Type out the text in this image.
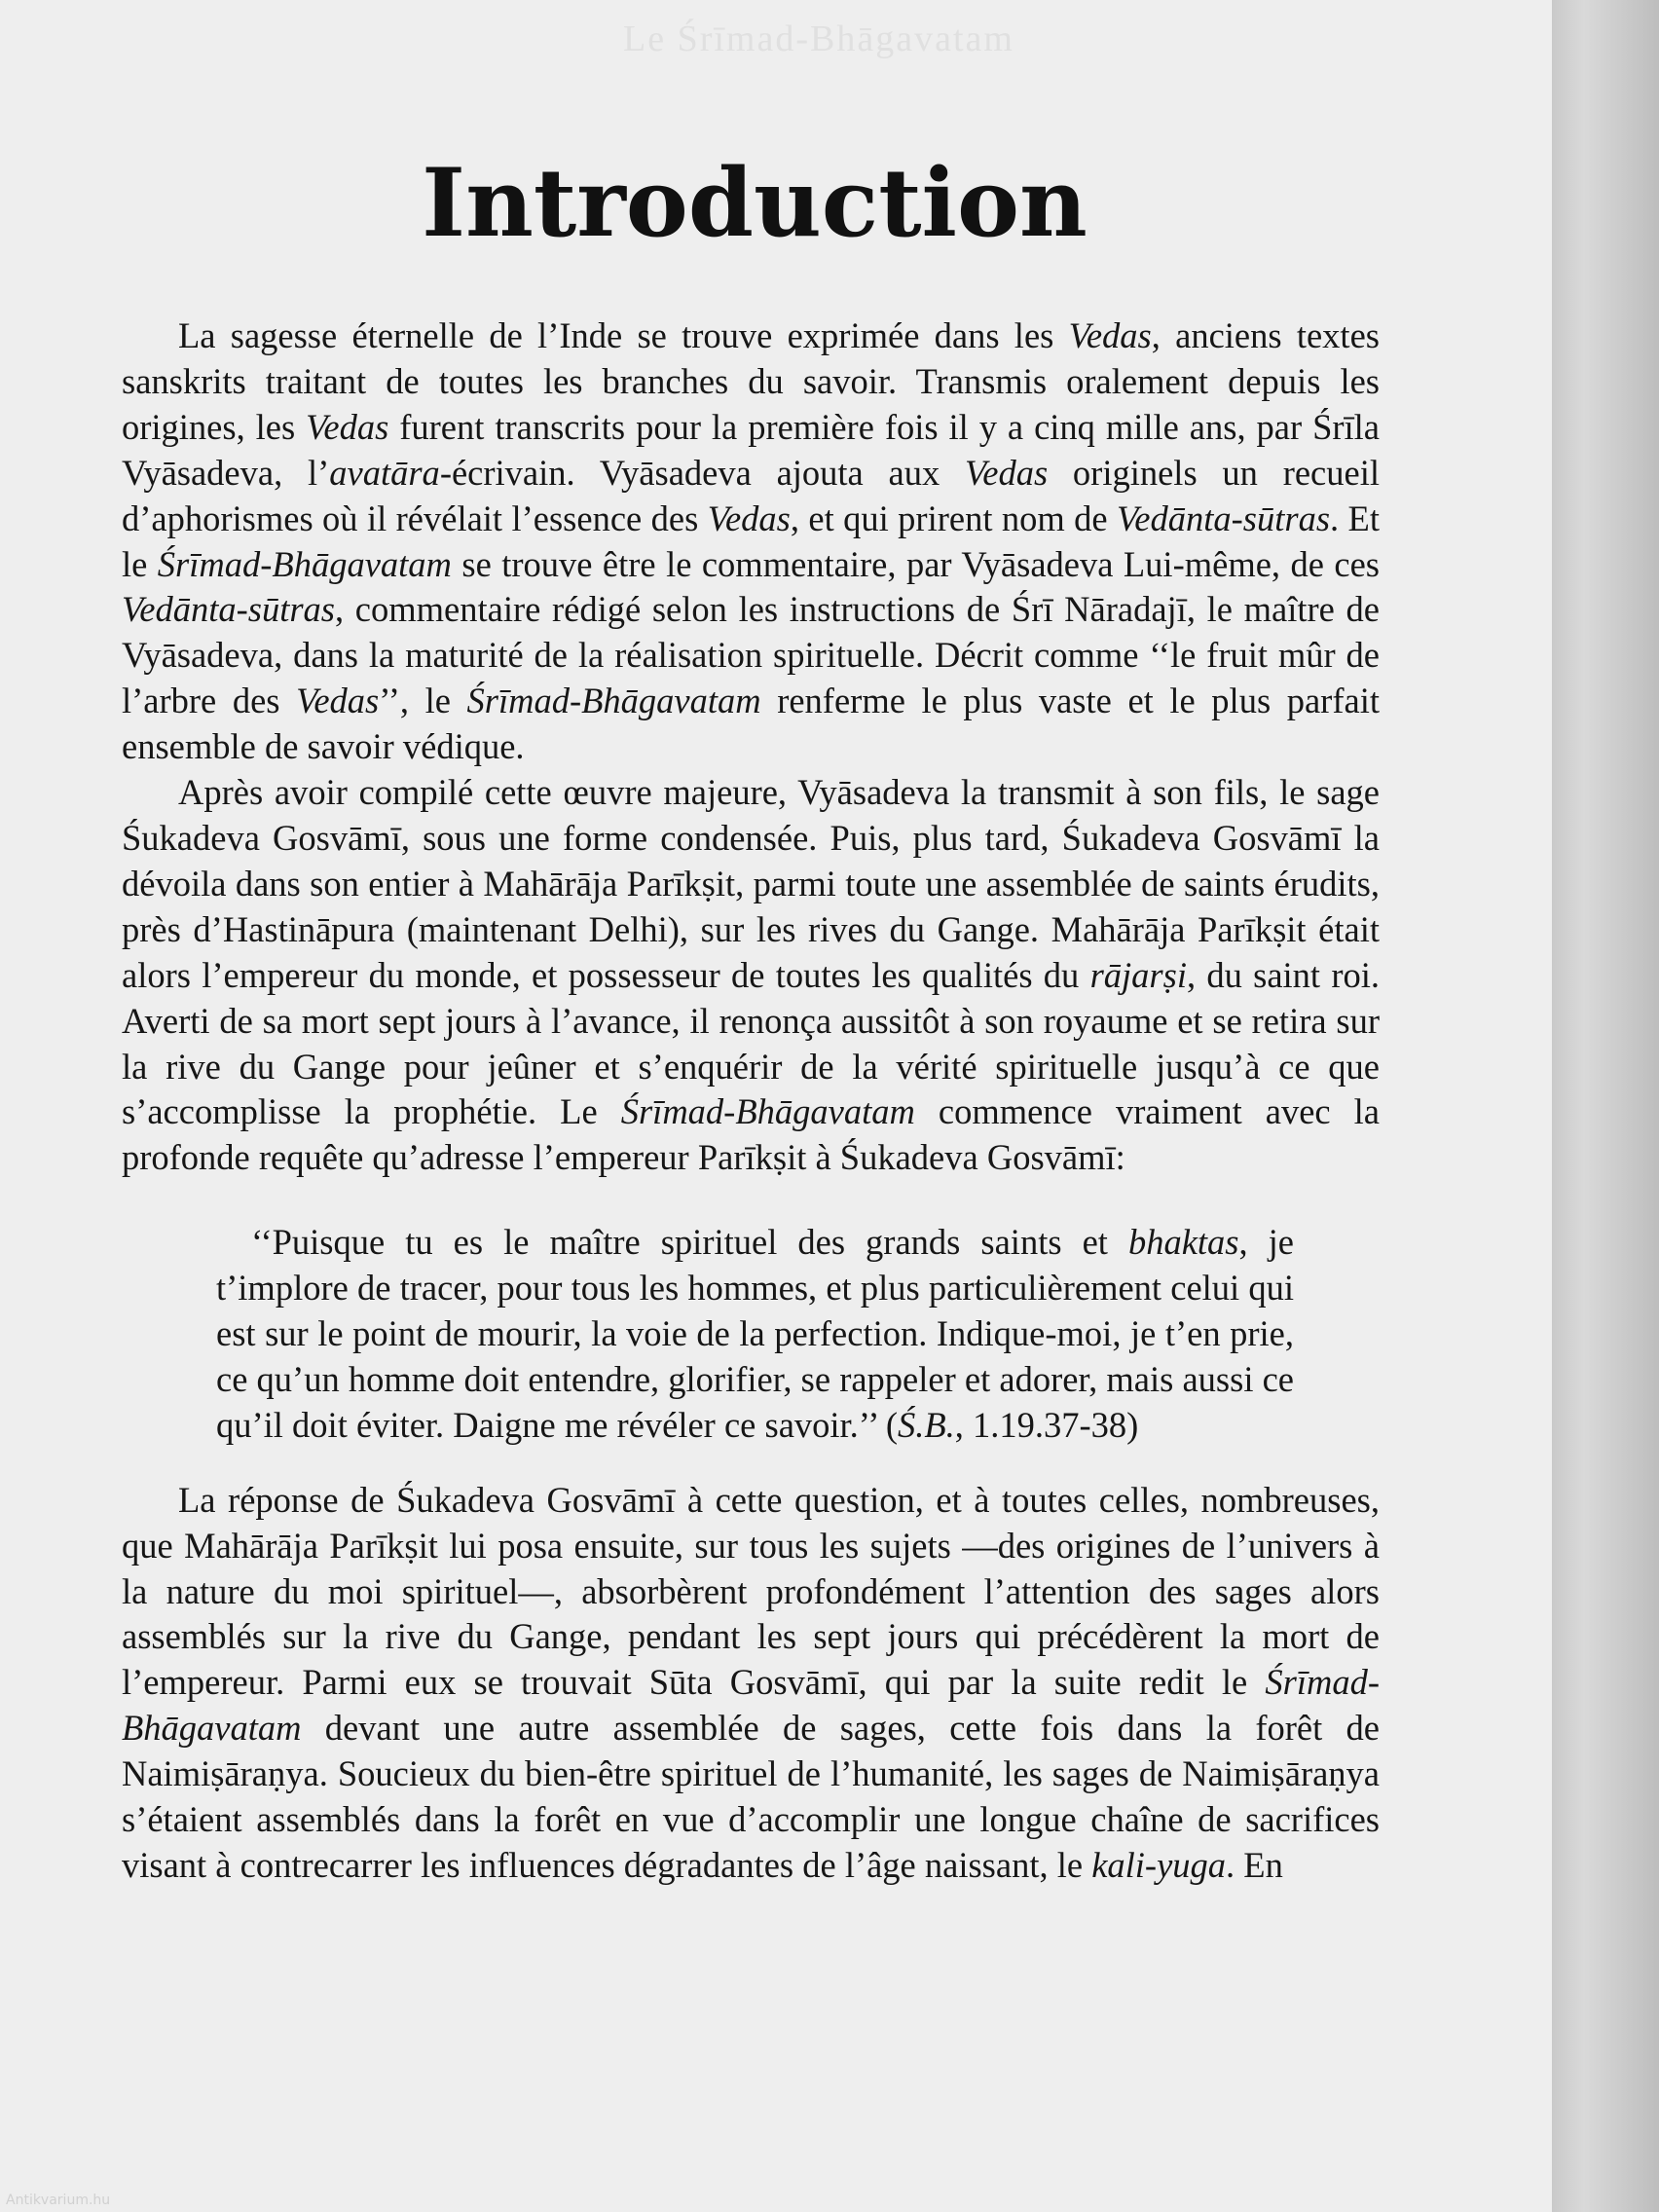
Le Śrīmad-Bhāgavatam
Introduction

La sagesse éternelle de l’Inde se trouve exprimée dans les Vedas, anciens textes sanskrits traitant de toutes les branches du savoir. Transmis oralement depuis les origines, les Vedas furent transcrits pour la première fois il y a cinq mille ans, par Śrīla Vyāsadeva, l’avatāra-écrivain. Vyāsadeva ajouta aux Vedas originels un recueil d’aphorismes où il révélait l’essence des Vedas, et qui prirent nom de Vedānta-sūtras. Et le Śrīmad-Bhāgavatam se trouve être le commentaire, par Vyāsadeva Lui-même, de ces Vedānta-sūtras, commentaire rédigé selon les instructions de Śrī Nāradajī, le maître de Vyāsadeva, dans la maturité de la réalisation spirituelle. Décrit comme ‘‘le fruit mûr de l’arbre des Vedas’’, le Śrīmad-Bhāgavatam renferme le plus vaste et le plus parfait ensemble de savoir védique.

Après avoir compilé cette œuvre majeure, Vyāsadeva la transmit à son fils, le sage Śukadeva Gosvāmī, sous une forme condensée. Puis, plus tard, Śukadeva Gosvāmī la dévoila dans son entier à Mahārāja Parīkṣit, parmi toute une assemblée de saints érudits, près d’Hastināpura (maintenant Delhi), sur les rives du Gange. Mahārāja Parīkṣit était alors l’empereur du monde, et possesseur de toutes les qualités du rājarṣi, du saint roi. Averti de sa mort sept jours à l’avance, il renonça aussitôt à son royaume et se retira sur la rive du Gange pour jeûner et s’enquérir de la vérité spirituelle jusqu’à ce que s’accomplisse la prophétie. Le Śrīmad-Bhāgavatam commence vraiment avec la profonde requête qu’adresse l’empereur Parīkṣit à Śukadeva Gosvāmī:

‘‘Puisque tu es le maître spirituel des grands saints et bhaktas, je t’implore de tracer, pour tous les hommes, et plus particulièrement celui qui est sur le point de mourir, la voie de la perfection. Indique-moi, je t’en prie, ce qu’un homme doit entendre, glorifier, se rappeler et adorer, mais aussi ce qu’il doit éviter. Daigne me révéler ce savoir.’’ (Ś.B., 1.19.37-38)

La réponse de Śukadeva Gosvāmī à cette question, et à toutes celles, nombreuses, que Mahārāja Parīkṣit lui posa ensuite, sur tous les sujets —des origines de l’univers à la nature du moi spirituel—, absorbèrent profondément l’attention des sages alors assemblés sur la rive du Gange, pendant les sept jours qui précédèrent la mort de l’empereur. Parmi eux se trouvait Sūta Gosvāmī, qui par la suite redit le Śrīmad-Bhāgavatam devant une autre assemblée de sages, cette fois dans la forêt de Naimiṣāraṇya. Soucieux du bien-être spirituel de l’humanité, les sages de Naimiṣāraṇya s’étaient assemblés dans la forêt en vue d’accomplir une longue chaîne de sacrifices visant à contrecarrer les influences dégradantes de l’âge naissant, le kali-yuga. En

Antikvarium.hu
